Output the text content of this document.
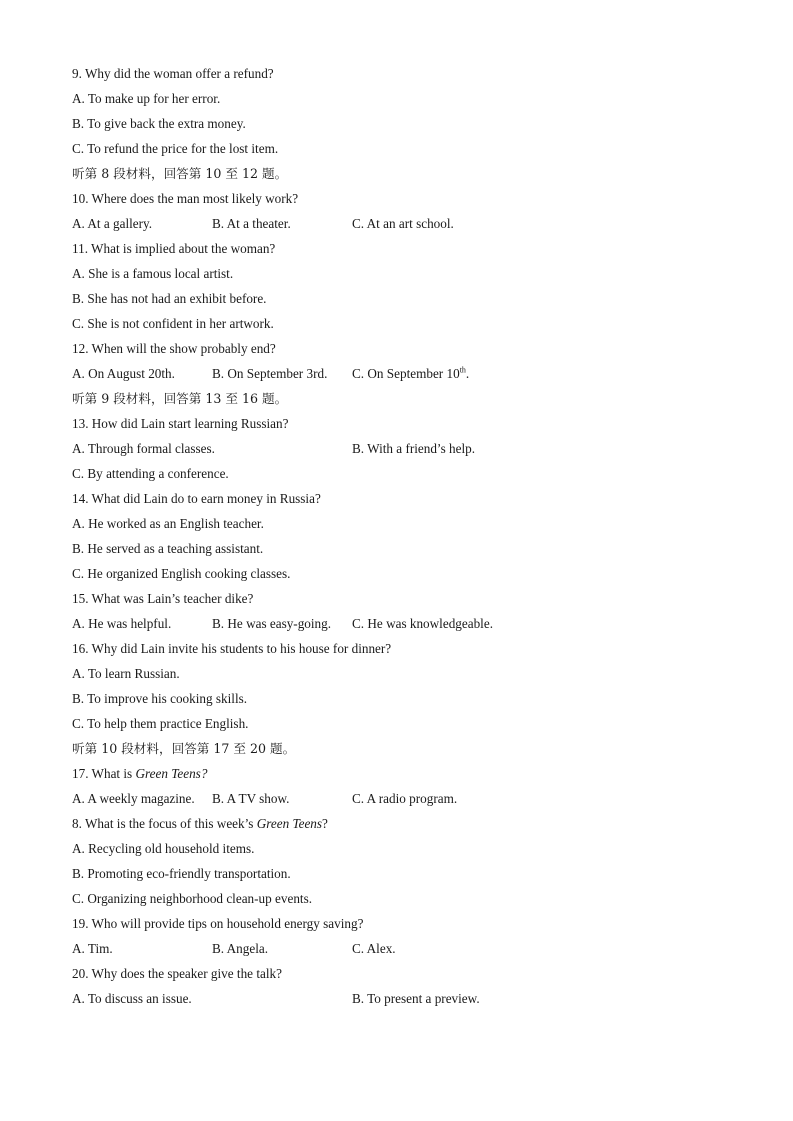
9. Why did the woman offer a refund?
A. To make up for her error.
B. To give back the extra money.
C. To refund the price for the lost item.
听第 8 段材料，回答第 10 至 12 题。
10. Where does the man most likely work?
A. At a gallery.	B. At a theater.	C. At an art school.
11. What is implied about the woman?
A. She is a famous local artist.
B. She has not had an exhibit before.
C. She is not confident in her artwork.
12. When will the show probably end?
A. On August 20th.	B. On September 3rd. C. On September 10th.
听第 9 段材料，回答第 13 至 16 题。
13. How did Lain start learning Russian?
A. Through formal classes.	B. With a friend’s help.
C. By attending a conference.
14. What did Lain do to earn money in Russia?
A. He worked as an English teacher.
B. He served as a teaching assistant.
C. He organized English cooking classes.
15. What was Lain’s teacher dike?
A. He was helpful.	B. He was easy-going. C. He was knowledgeable.
16. Why did Lain invite his students to his house for dinner?
A. To learn Russian.
B. To improve his cooking skills.
C. To help them practice English.
听第 10 段材料，回答第 17 至 20 题。
17. What is Green Teens?
A. A weekly magazine. B. A TV show.	C. A radio program.
8. What is the focus of this week’s Green Teens?
A. Recycling old household items.
B. Promoting eco-friendly transportation.
C. Organizing neighborhood clean-up events.
19. Who will provide tips on household energy saving?
A. Tim.	B. Angela.	C. Alex.
20. Why does the speaker give the talk?
A. To discuss an issue.	B. To present a preview.
